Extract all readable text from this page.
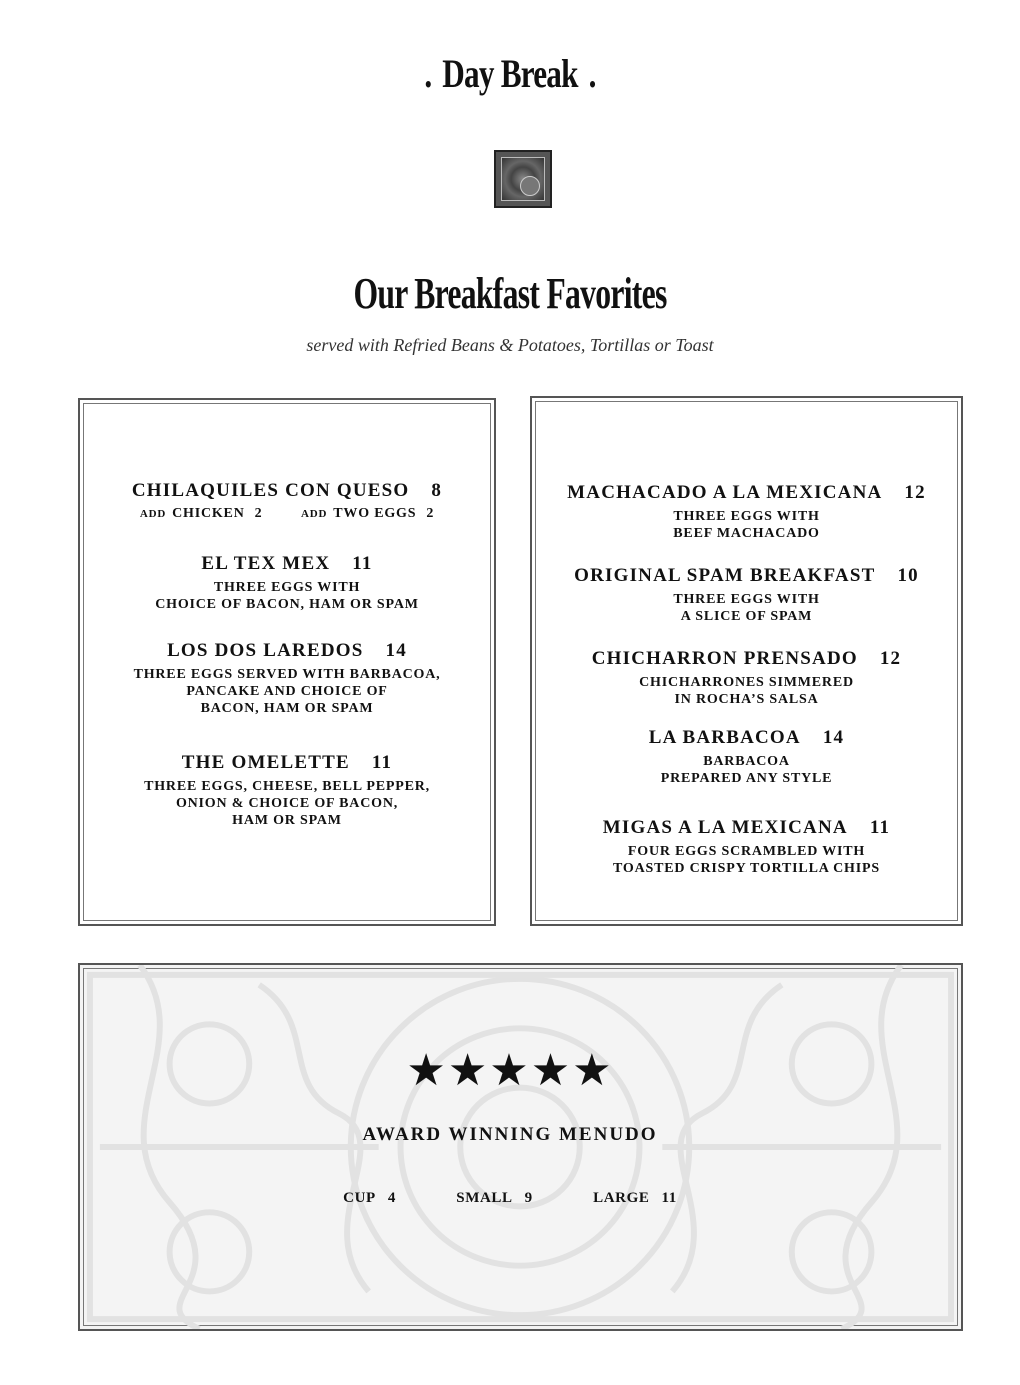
. Day Break .
Our Breakfast Favorites
served with Refried Beans & Potatoes, Tortillas or Toast
CHILAQUILES CON QUESO 8
ADD CHICKEN 2	ADD TWO EGGS 2
EL TEX MEX 11
THREE EGGS WITH
CHOICE OF BACON, HAM OR SPAM
LOS DOS LAREDOS 14
THREE EGGS SERVED WITH BARBACOA,
PANCAKE AND CHOICE OF
BACON, HAM OR SPAM
THE OMELETTE 11
THREE EGGS, CHEESE, BELL PEPPER,
ONION & CHOICE OF BACON,
HAM OR SPAM
MACHACADO A LA MEXICANA 12
THREE EGGS WITH
BEEF MACHACADO
ORIGINAL SPAM BREAKFAST 10
THREE EGGS WITH
A SLICE OF SPAM
CHICHARRON PRENSADO 12
CHICHARRONES SIMMERED
IN ROCHA’S SALSA
LA BARBACOA 14
BARBACOA
PREPARED ANY STYLE
MIGAS A LA MEXICANA 11
FOUR EGGS SCRAMBLED WITH
TOASTED CRISPY TORTILLA CHIPS
★★★★★
AWARD WINNING MENUDO
CUP 4	SMALL 9	LARGE 11
